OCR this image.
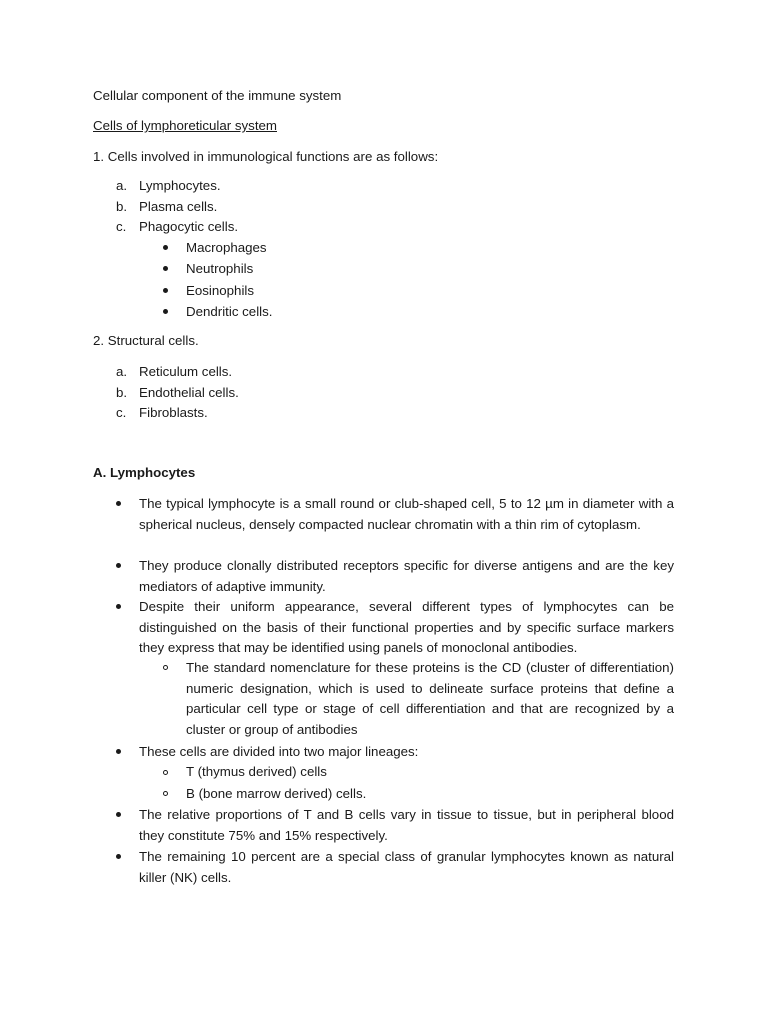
Cellular component of the immune system

Cells of lymphoreticular system

1. Cells involved in immunological functions are as follows:

a. Lymphocytes.
b. Plasma cells.
c. Phagocytic cells.
Macrophages
Neutrophils
Eosinophils
Dendritic cells.

2. Structural cells.

a. Reticulum cells.
b. Endothelial cells.
c. Fibroblasts.

A. Lymphocytes

The typical lymphocyte is a small round or club-shaped cell, 5 to 12 µm in diameter with a spherical nucleus, densely compacted nuclear chromatin with a thin rim of cytoplasm.

They produce clonally distributed receptors specific for diverse antigens and are the key mediators of adaptive immunity.

Despite their uniform appearance, several different types of lymphocytes can be distinguished on the basis of their functional properties and by specific surface markers they express that may be identified using panels of monoclonal antibodies.

The standard nomenclature for these proteins is the CD (cluster of differentiation) numeric designation, which is used to delineate surface proteins that define a particular cell type or stage of cell differentiation and that are recognized by a cluster or group of antibodies

These cells are divided into two major lineages:

T (thymus derived) cells

B (bone marrow derived) cells.

The relative proportions of T and B cells vary in tissue to tissue, but in peripheral blood they constitute 75% and 15% respectively.

The remaining 10 percent are a special class of granular lymphocytes known as natural killer (NK) cells.
